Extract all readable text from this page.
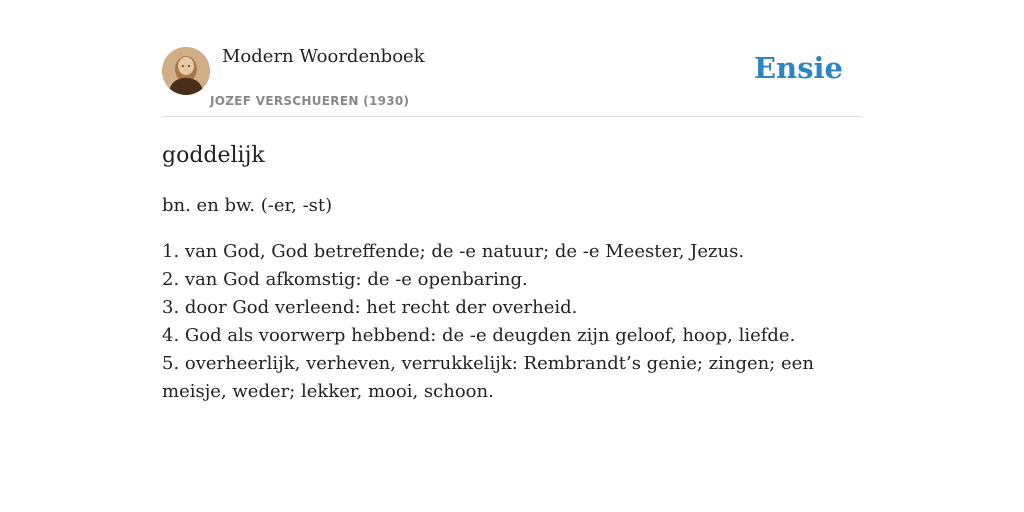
Modern Woordenboek
JOZEF VERSCHUEREN (1930)
Ensie
goddelijk
bn. en bw. (-er, -st)
1. van God, God betreffende; de -e natuur; de -e Meester, Jezus.
2. van God afkomstig: de -e openbaring.
3. door God verleend: het recht der overheid.
4. God als voorwerp hebbend: de -e deugden zijn geloof, hoop, liefde.
5. overheerlijk, verheven, verrukkelijk: Rembrandt’s genie; zingen; een meisje, weder; lekker, mooi, schoon.
